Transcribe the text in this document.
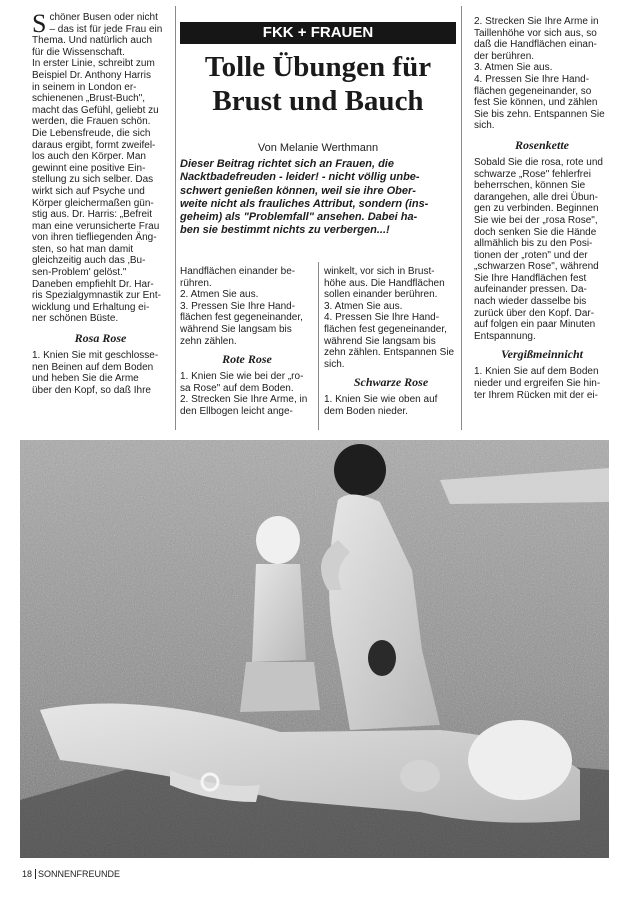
Schöner Busen oder nicht
– das ist für jede Frau ein

Thema. Und natürlich auch
für die Wissenschaft.
In erster Linie, schreibt zum
Beispiel Dr. Anthony Harris
in seinem in London er-
schienenen „Brust-Buch",
macht das Gefühl, geliebt zu
werden, die Frauen schön.
Die Lebensfreude, die sich
daraus ergibt, formt zweifel-
los auch den Körper. Man
gewinnt eine positive Ein-
stellung zu sich selber. Das
wirkt sich auf Psyche und
Körper gleichermaßen gün-
stig aus. Dr. Harris: „Befreit
man eine verunsicherte Frau
von ihren tiefliegenden Äng-
sten, so hat man damit
gleichzeitig auch das ‚Bu-
sen-Problem' gelöst."
Daneben empfiehlt Dr. Har-
ris Spezialgymnastik zur Ent-
wicklung und Erhaltung ei-
ner schönen Büste.

Rosa Rose

1. Knien Sie mit geschlosse-
nen Beinen auf dem Boden
und heben Sie die Arme
über den Kopf, so daß Ihre

FKK + FRAUEN

Tolle Übungen für
Brust und Bauch

Von Melanie Werthmann

Dieser Beitrag richtet sich an Frauen, die
Nacktbadefreuden - leider! - nicht völlig unbe-
schwert genießen können, weil sie ihre Ober-
weite nicht als frauliches Attribut, sondern (ins-
geheim) als "Problemfall" ansehen. Dabei ha-
ben sie bestimmt nichts zu verbergen...!

Handflächen einander be-
rühren.
2. Atmen Sie aus.
3. Pressen Sie Ihre Hand-
flächen fest gegeneinander,
während Sie langsam bis
zehn zählen.

Rote Rose

1. Knien Sie wie bei der „ro-
sa Rose" auf dem Boden.
2. Strecken Sie Ihre Arme, in
den Ellbogen leicht ange-

winkelt, vor sich in Brust-
höhe aus. Die Handflächen
sollen einander berühren.
3. Atmen Sie aus.
4. Pressen Sie Ihre Hand-
flächen fest gegeneinander,
während Sie langsam bis
zehn zählen. Entspannen Sie
sich.

Schwarze Rose

1. Knien Sie wie oben auf
dem Boden nieder.

2. Strecken Sie Ihre Arme in
Taillenhöhe vor sich aus, so
daß die Handflächen einan-
der berühren.
3. Atmen Sie aus.
4. Pressen Sie Ihre Hand-
flächen gegeneinander, so
fest Sie können, und zählen
Sie bis zehn. Entspannen Sie
sich.

Rosenkette

Sobald Sie die rosa, rote und
schwarze „Rose" fehlerfrei
beherrschen, können Sie
darangehen, alle drei Übun-
gen zu verbinden. Beginnen
Sie wie bei der „rosa Rose",
doch senken Sie die Hände
allmählich bis zu den Posi-
tionen der „roten" und der
„schwarzen Rose", während
Sie Ihre Handflächen fest
aufeinander pressen. Da-
nach wieder dasselbe bis
zurück über den Kopf. Dar-
auf folgen ein paar Minuten
Entspannung.

Vergißmeinnicht

1. Knien Sie auf dem Boden
nieder und ergreifen Sie hin-
ter Ihrem Rücken mit der ei-

18 SONNENFREUNDE
